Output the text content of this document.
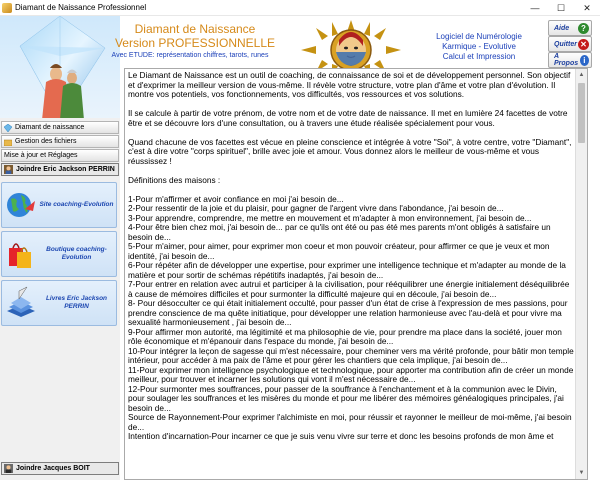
Diamant de Naissance Professionnel	—	☐	✕
Diamant de Naissance
Version PROFESSIONNELLE
Avec ETUDE: représentation chiffres, tarots, runes
Logiciel de Numérologie
Karmique - Evolutive
Calcul et Impression
Aide	?
Quitter ✕
A Propos i
Diamant de naissance
Gestion des fichiers
Mise à jour et Réglages
Joindre Eric Jackson PERRIN
Site coaching-Evolution
Boutique coaching-Evolution
Livres Eric Jackson PERRIN
Joindre Jacques BOIT

Le Diamant de Naissance est un outil de coaching, de connaissance de soi et de développement personnel. Son objectif et d'exprimer la meilleur version de vous-même. Il révèle votre structure, votre plan d'âme et votre plan d'évolution. Il montre vos potentiels, vos fonctionnements, vos difficultés, vos ressources et vos solutions.

Il se calcule à partir de votre prénom, de votre nom et de votre date de naissance. Il met en lumière 24 facettes de votre être et se découvre lors d'une consultation, ou à travers une étude réalisée spécialement pour vous.

Quand chacune de vos facettes est vécue en pleine conscience et intégrée à votre "Soi", à votre centre, votre "Diamant", c'est à dire votre "corps spirituel", brille avec joie et amour. Vous donnez alors le meilleur de vous-même et vous réussissez !

Définitions des maisons :

1-Pour m'affirmer et avoir confiance en moi j'ai besoin de...

2-Pour ressentir de la joie et du plaisir, pour gagner de l'argent vivre dans l'abondance, j'ai besoin de...

3-Pour apprendre, comprendre, me mettre en mouvement et m'adapter à mon environnement, j'ai besoin de...

4-Pour être bien chez moi, j'ai besoin de... par ce qu'ils ont été ou pas été mes parents m'ont obligés à satisfaire un besoin de...

5-Pour m'aimer, pour aimer, pour exprimer mon coeur et mon pouvoir créateur, pour affirmer ce que je veux et mon identité, j'ai besoin de...

6-Pour répéter afin de développer une expertise, pour exprimer une intelligence technique et m'adapter au monde de la matière et pour sortir de schémas répétitifs inadaptés, j'ai besoin de...

7-Pour entrer en relation avec autrui et participer à la civilisation, pour rééquilibrer une énergie initialement déséquilibrée à cause de mémoires difficiles et pour surmonter la difficulté majeure qui en découle, j'ai besoin de...

8- Pour désocculter ce qui était initialement occulté, pour passer d'un état de crise à l'expression de mes passions, pour prendre conscience de ma quête initiatique, pour développer une relation harmonieuse avec l'au-delà et pour vivre ma sexualité harmonieusement , j'ai besoin de...

9-Pour affirmer mon autorité, ma légitimité et ma philosophie de vie, pour prendre ma place dans la société, jouer mon rôle économique et m'épanouir dans l'espace du monde, j'ai besoin de...

10-Pour intégrer la leçon de sagesse qui m'est nécessaire, pour cheminer vers ma vérité profonde, pour bâtir mon temple intérieur, pour accéder à ma paix de l'âme et pour gérer les chantiers que cela implique, j'ai besoin de...

11-Pour exprimer mon intelligence psychologique et technologique, pour apporter ma contribution afin de créer un monde meilleur, pour trouver et incarner les solutions qui vont il m'est nécessaire de...

12-Pour surmonter mes souffrances, pour passer de la souffrance à l'enchantement et à la communion avec le Divin, pour soulager les souffrances et les misères du monde et pour me libérer des mémoires généalogiques principales, j'ai besoin de...

Source de Rayonnement-Pour exprimer l'alchimiste en moi, pour réussir et rayonner le meilleur de moi-même, j'ai besoin de...

Intention d'incarnation-Pour incarner ce que je suis venu vivre sur terre et donc les besoins profonds de mon âme et

▲
▼
